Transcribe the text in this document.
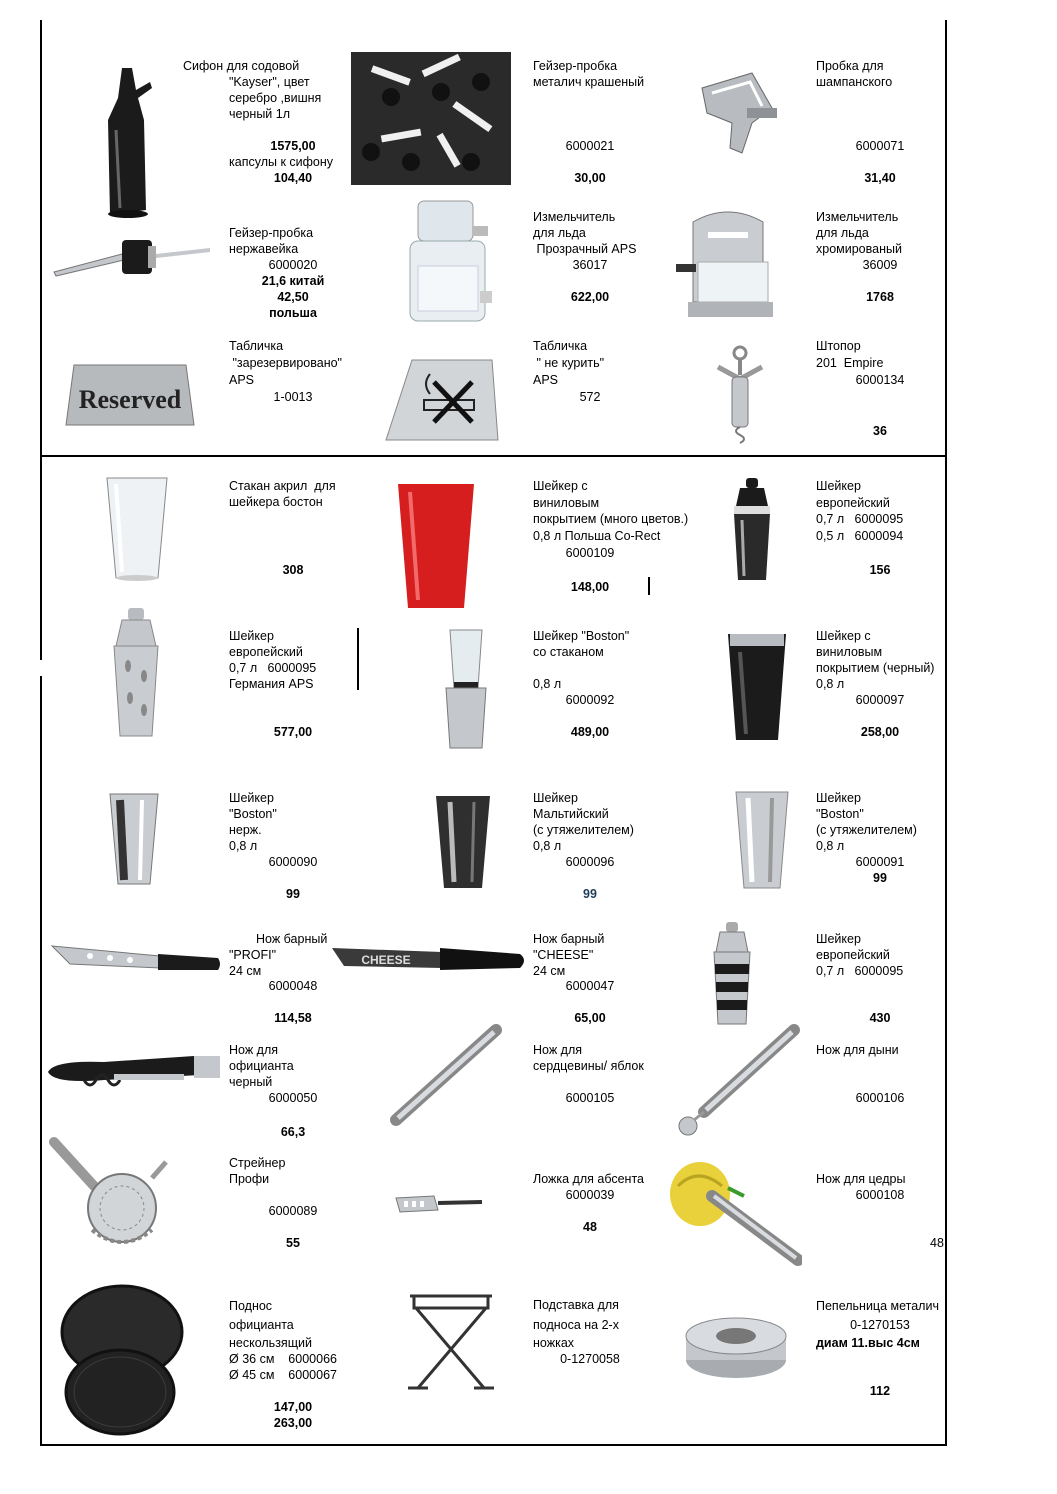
Сифон для содовой
"Kayser", цвет
серебро ,вишня
черный 1л
1575,00
капсулы к сифону
104,40
Гейзер-пробка
металич крашеный
6000021
30,00
Пробка для
шампанского
6000071
31,40
Гейзер-пробка
нержавейка
6000020
21,6 китай
42,50
польша
Измельчитель
для льда
Прозрачный APS
36017
622,00
Измельчитель
для льда
хромированый
36009
1768
Reserved
Табличка
"зарезервировано"
APS
1-0013
Табличка
" не курить"
APS
572
Штопор
201  Empire
6000134
36
Стакан акрил  для
шейкера бостон
308
Шейкер с
виниловым
покрытием (много цветов.)
0,8 л Польша Co-Rect
6000109
148,00
Шейкер
европейский
0,7 л   6000095
0,5 л   6000094
156
Шейкер
европейский
0,7 л   6000095
Германия APS
577,00
Шейкер "Boston"
со стаканом
0,8 л
6000092
489,00
Шейкер с
виниловым
покрытием (черный)
0,8 л
6000097
258,00
Шейкер
"Boston"
нерж.
0,8 л
6000090
99
Шейкер
Мальтийский
(с утяжелителем)
0,8 л
6000096
99
Шейкер
"Boston"
(с утяжелителем)
0,8 л
6000091
99
Нож барный
"PROFI"
24 см
6000048
114,58
CHEESE
Нож барный
"CHEESE"
24 см
6000047
65,00
Шейкер
европейский
0,7 л   6000095
430
Нож для
официанта
черный
6000050
66,3
Нож для
сердцевины/ яблок
6000105
Нож для дыни
6000106
Стрейнер
Профи
6000089
55
Ложка для абсента
6000039
48
Нож для цедры
6000108
48
Поднос
официанта
нескользящий
Ø 36 см    6000066
Ø 45 см    6000067
147,00
263,00
Подставка для
подноса на 2-х
ножках
0-1270058
Пепельница металич
0-1270153
диам 11.выс 4см
112
